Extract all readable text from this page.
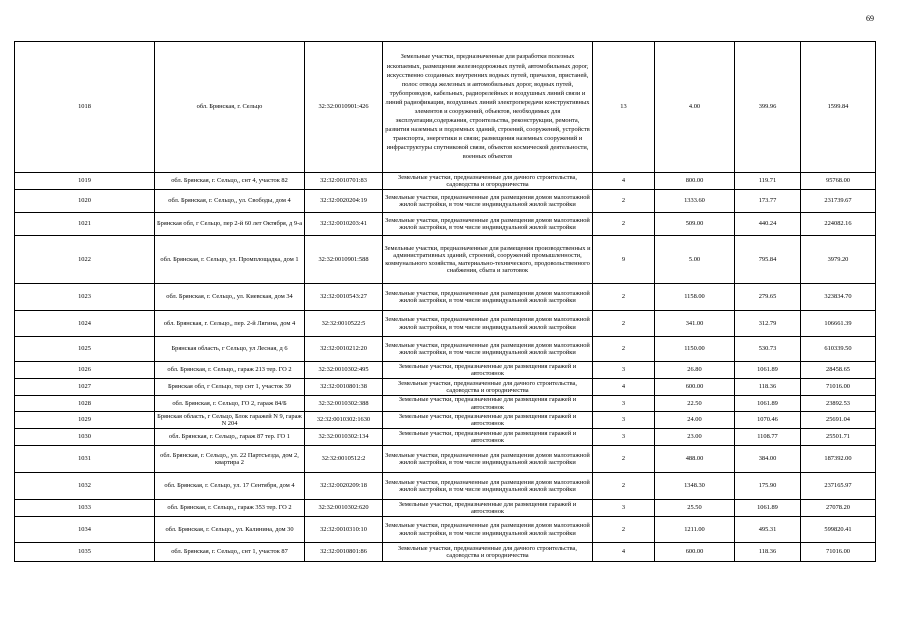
69
1018	обл. Брянская, г. Сельцо	32:32:0010901:426	Земельные участки, предназначенные для разработки полезных ископаемых, размещения железнодорожных путей, автомобильных дорог, искусственно созданных внутренних водных путей, причалов, пристаней, полос отвода железных и автомобильных дорог, водных путей, трубопроводов, кабельных, радиорелейных и воздушных линий связи и линий радиофикации, воздушных линий электропередачи конструктивных элементов и сооружений, объектов, необходимых для эксплуатации,содержания, строительства, реконструкции, ремонта, развития наземных и подземных зданий, строений, сооружений, устройств транспорта, энергетики и связи; размещения наземных сооружений и инфраструктуры спутниковой связи, объектов космической деятельности, военных объектов	13	4.00	399.96	1599.84
1019	обл. Брянская, г. Сельцо,, снт 4, участок 82	32:32:0010701:83	Земельные участки, предназначенные для дачного строительства, садоводства и огородничества	4	800.00	119.71	95768.00
1020	обл. Брянская, г. Сельцо,, ул. Свободы, дом 4	32:32:0020204:19	Земельные участки, предназначенные для размещения домов малоэтажной жилой застройки, в том числе индивидуальной жилой застройки	2	1333.60	173.77	231739.67
1021	Брянская обл, г Сельцо, пер 2-й 60 лет Октября, д 9-а	32:32:0010203:41	Земельные участки, предназначенные для размещения домов малоэтажной жилой застройки, в том числе индивидуальной жилой застройки	2	509.00	440.24	224082.16
1022	обл. Брянская, г. Сельцо, ул. Промплощадка, дом 1	32:32:0010901:588	Земельные участки, предназначенные для размещения производственных и административных зданий, строений, сооружений промышленности, коммунального хозяйства, материально-технического, продовольственного снабжения, сбыта и заготовок	9	5.00	795.84	3979.20
1023	обл. Брянская, г. Сельцо,, ул. Киевская, дом 34	32:32:0010543:27	Земельные участки, предназначенные для размещения домов малоэтажной жилой застройки, в том числе индивидуальной жилой застройки	2	1158.00	279.65	323834.70
1024	обл. Брянская, г. Сельцо,, пер. 2-й Лягина, дом 4	32:32:0010522:5	Земельные участки, предназначенные для размещения домов малоэтажной жилой застройки, в том числе индивидуальной жилой застройки	2	341.00	312.79	106661.39
1025	Брянская область, г Сельцо, ул Лесная, д 6	32:32:0010212:20	Земельные участки, предназначенные для размещения домов малоэтажной жилой застройки, в том числе индивидуальной жилой застройки	2	1150.00	530.73	610339.50
1026	обл. Брянская, г. Сельцо,, гараж 213 тер. ГО 2	32:32:0010302:495	Земельные участки, предназначенные для размещения гаражей и автостоянок	3	26.80	1061.89	28458.65
1027	Брянская обл, г Сельцо, тер снт 1, участок 39	32:32:0010801:38	Земельные участки, предназначенные для дачного строительства, садоводства и огородничества	4	600.00	118.36	71016.00
1028	обл. Брянская, г. Сельцо, ГО 2, гараж 84/Б	32:32:0010302:388	Земельные участки, предназначенные для размещения гаражей и автостоянок	3	22.50	1061.89	23892.53
1029	Брянская область, г Сельцо, Блок гаражей N 9, гараж N 204	32:32:0010302:1630	Земельные участки, предназначенные для размещения гаражей и автостоянок	3	24.00	1070.46	25691.04
1030	обл. Брянская, г. Сельцо,, гараж 87 тер. ГО 1	32:32:0010302:134	Земельные участки, предназначенные для размещения гаражей и автостоянок	3	23.00	1108.77	25501.71
1031	обл. Брянская, г. Сельцо,, ул. 22 Партсъезда, дом 2, квартира 2	32:32:0010512:2	Земельные участки, предназначенные для размещения домов малоэтажной жилой застройки, в том числе индивидуальной жилой застройки	2	488.00	384.00	187392.00
1032	обл. Брянская, г. Сельцо, ул. 17 Сентября, дом 4	32:32:0020209:18	Земельные участки, предназначенные для размещения домов малоэтажной жилой застройки, в том числе индивидуальной жилой застройки	2	1348.30	175.90	237165.97
1033	обл. Брянская, г. Сельцо,, гараж 353 тер. ГО 2	32:32:0010302:620	Земельные участки, предназначенные для размещения гаражей и автостоянок	3	25.50	1061.89	27078.20
1034	обл. Брянская, г. Сельцо,, ул. Калинина, дом 30	32:32:0010310:10	Земельные участки, предназначенные для размещения домов малоэтажной жилой застройки, в том числе индивидуальной жилой застройки	2	1211.00	495.31	599820.41
1035	обл. Брянская, г. Сельцо,, снт 1, участок 87	32:32:0010801:86	Земельные участки, предназначенные для дачного строительства, садоводства и огородничества	4	600.00	118.36	71016.00
